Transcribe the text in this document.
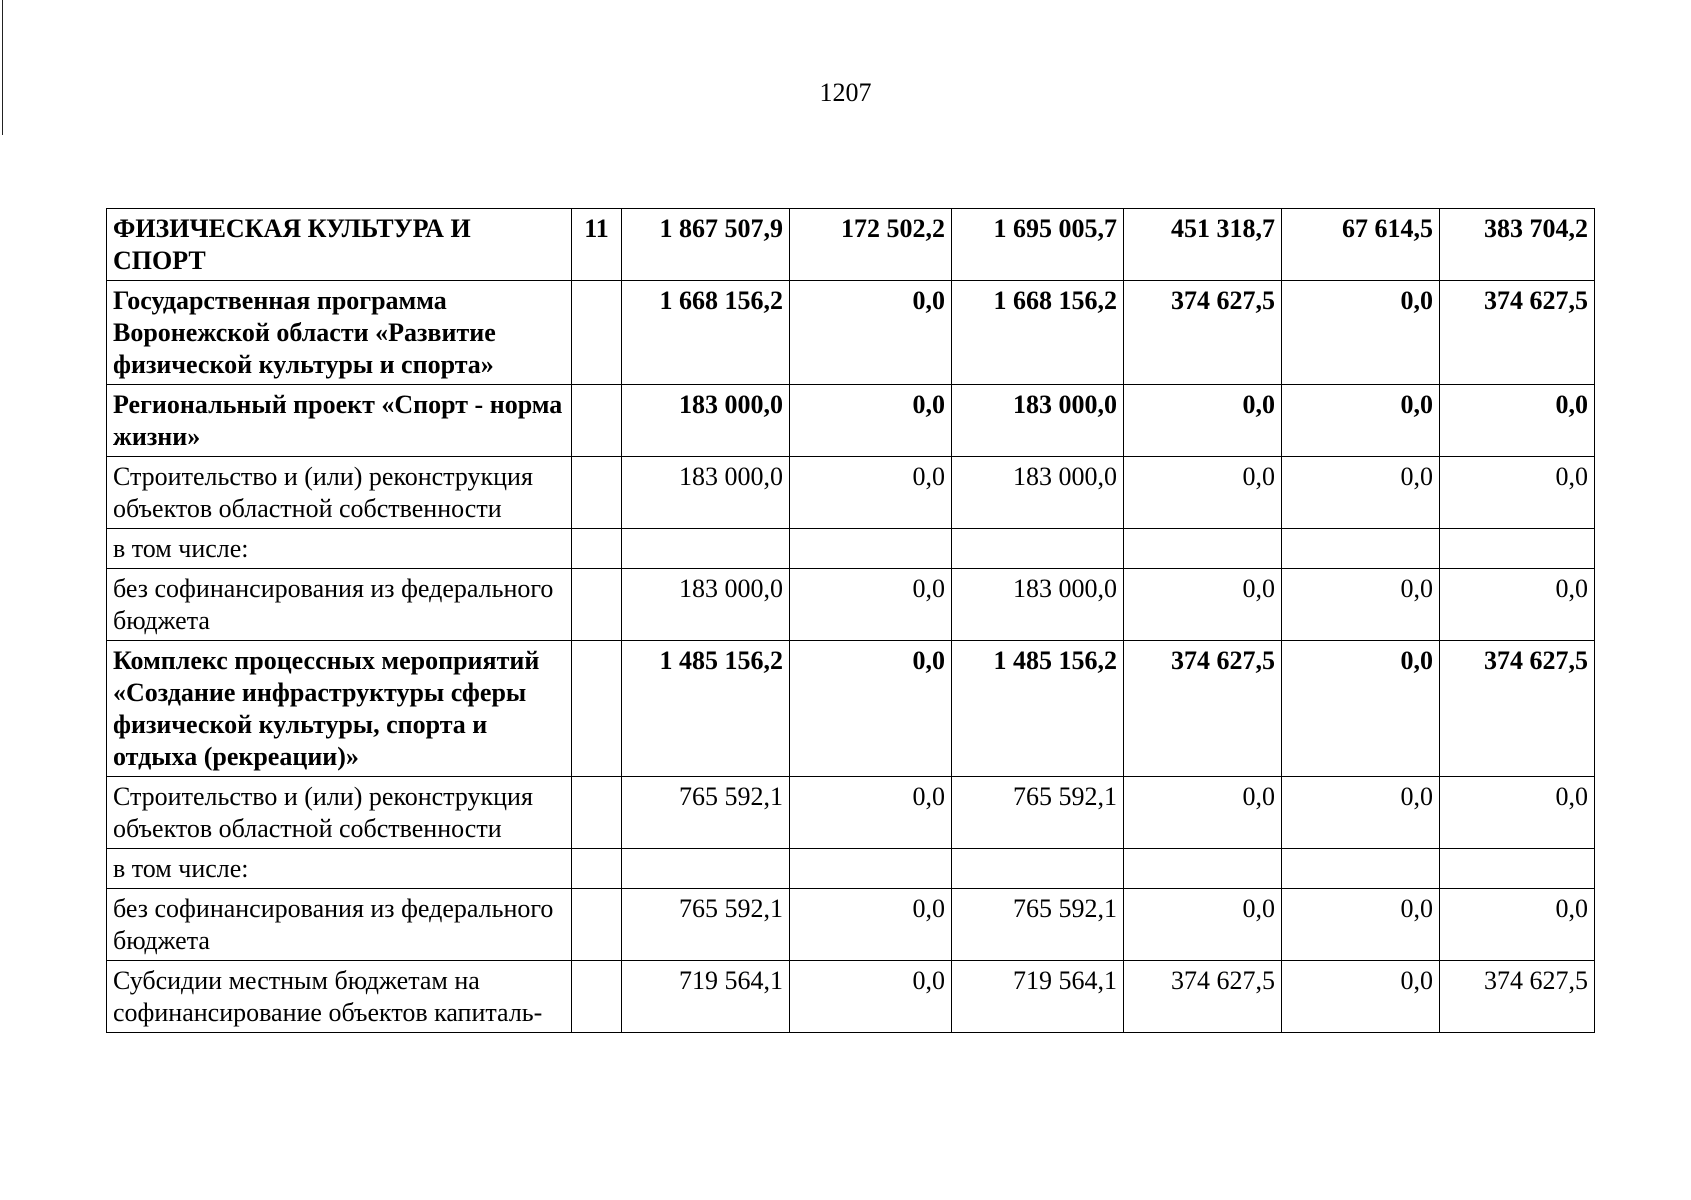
1207
ФИЗИЧЕСКАЯ КУЛЬТУРА И СПОРТ	11	1 867 507,9	172 502,2	1 695 005,7	451 318,7	67 614,5	383 704,2
Государственная программа Воронежской области «Развитие физической культуры и спорта»		1 668 156,2	0,0	1 668 156,2	374 627,5	0,0	374 627,5
Региональный проект «Спорт - норма жизни»		183 000,0	0,0	183 000,0	0,0	0,0	0,0
Строительство и (или) реконструкция объектов областной собственности		183 000,0	0,0	183 000,0	0,0	0,0	0,0
в том числе:							
без софинансирования из федерального бюджета		183 000,0	0,0	183 000,0	0,0	0,0	0,0
Комплекс процессных мероприятий «Создание инфраструктуры сферы физической культуры, спорта и отдыха (рекреации)»		1 485 156,2	0,0	1 485 156,2	374 627,5	0,0	374 627,5
Строительство и (или) реконструкция объектов областной собственности		765 592,1	0,0	765 592,1	0,0	0,0	0,0
в том числе:							
без софинансирования из федерального бюджета		765 592,1	0,0	765 592,1	0,0	0,0	0,0
Субсидии местным бюджетам на софинансирование объектов капиталь-		719 564,1	0,0	719 564,1	374 627,5	0,0	374 627,5
